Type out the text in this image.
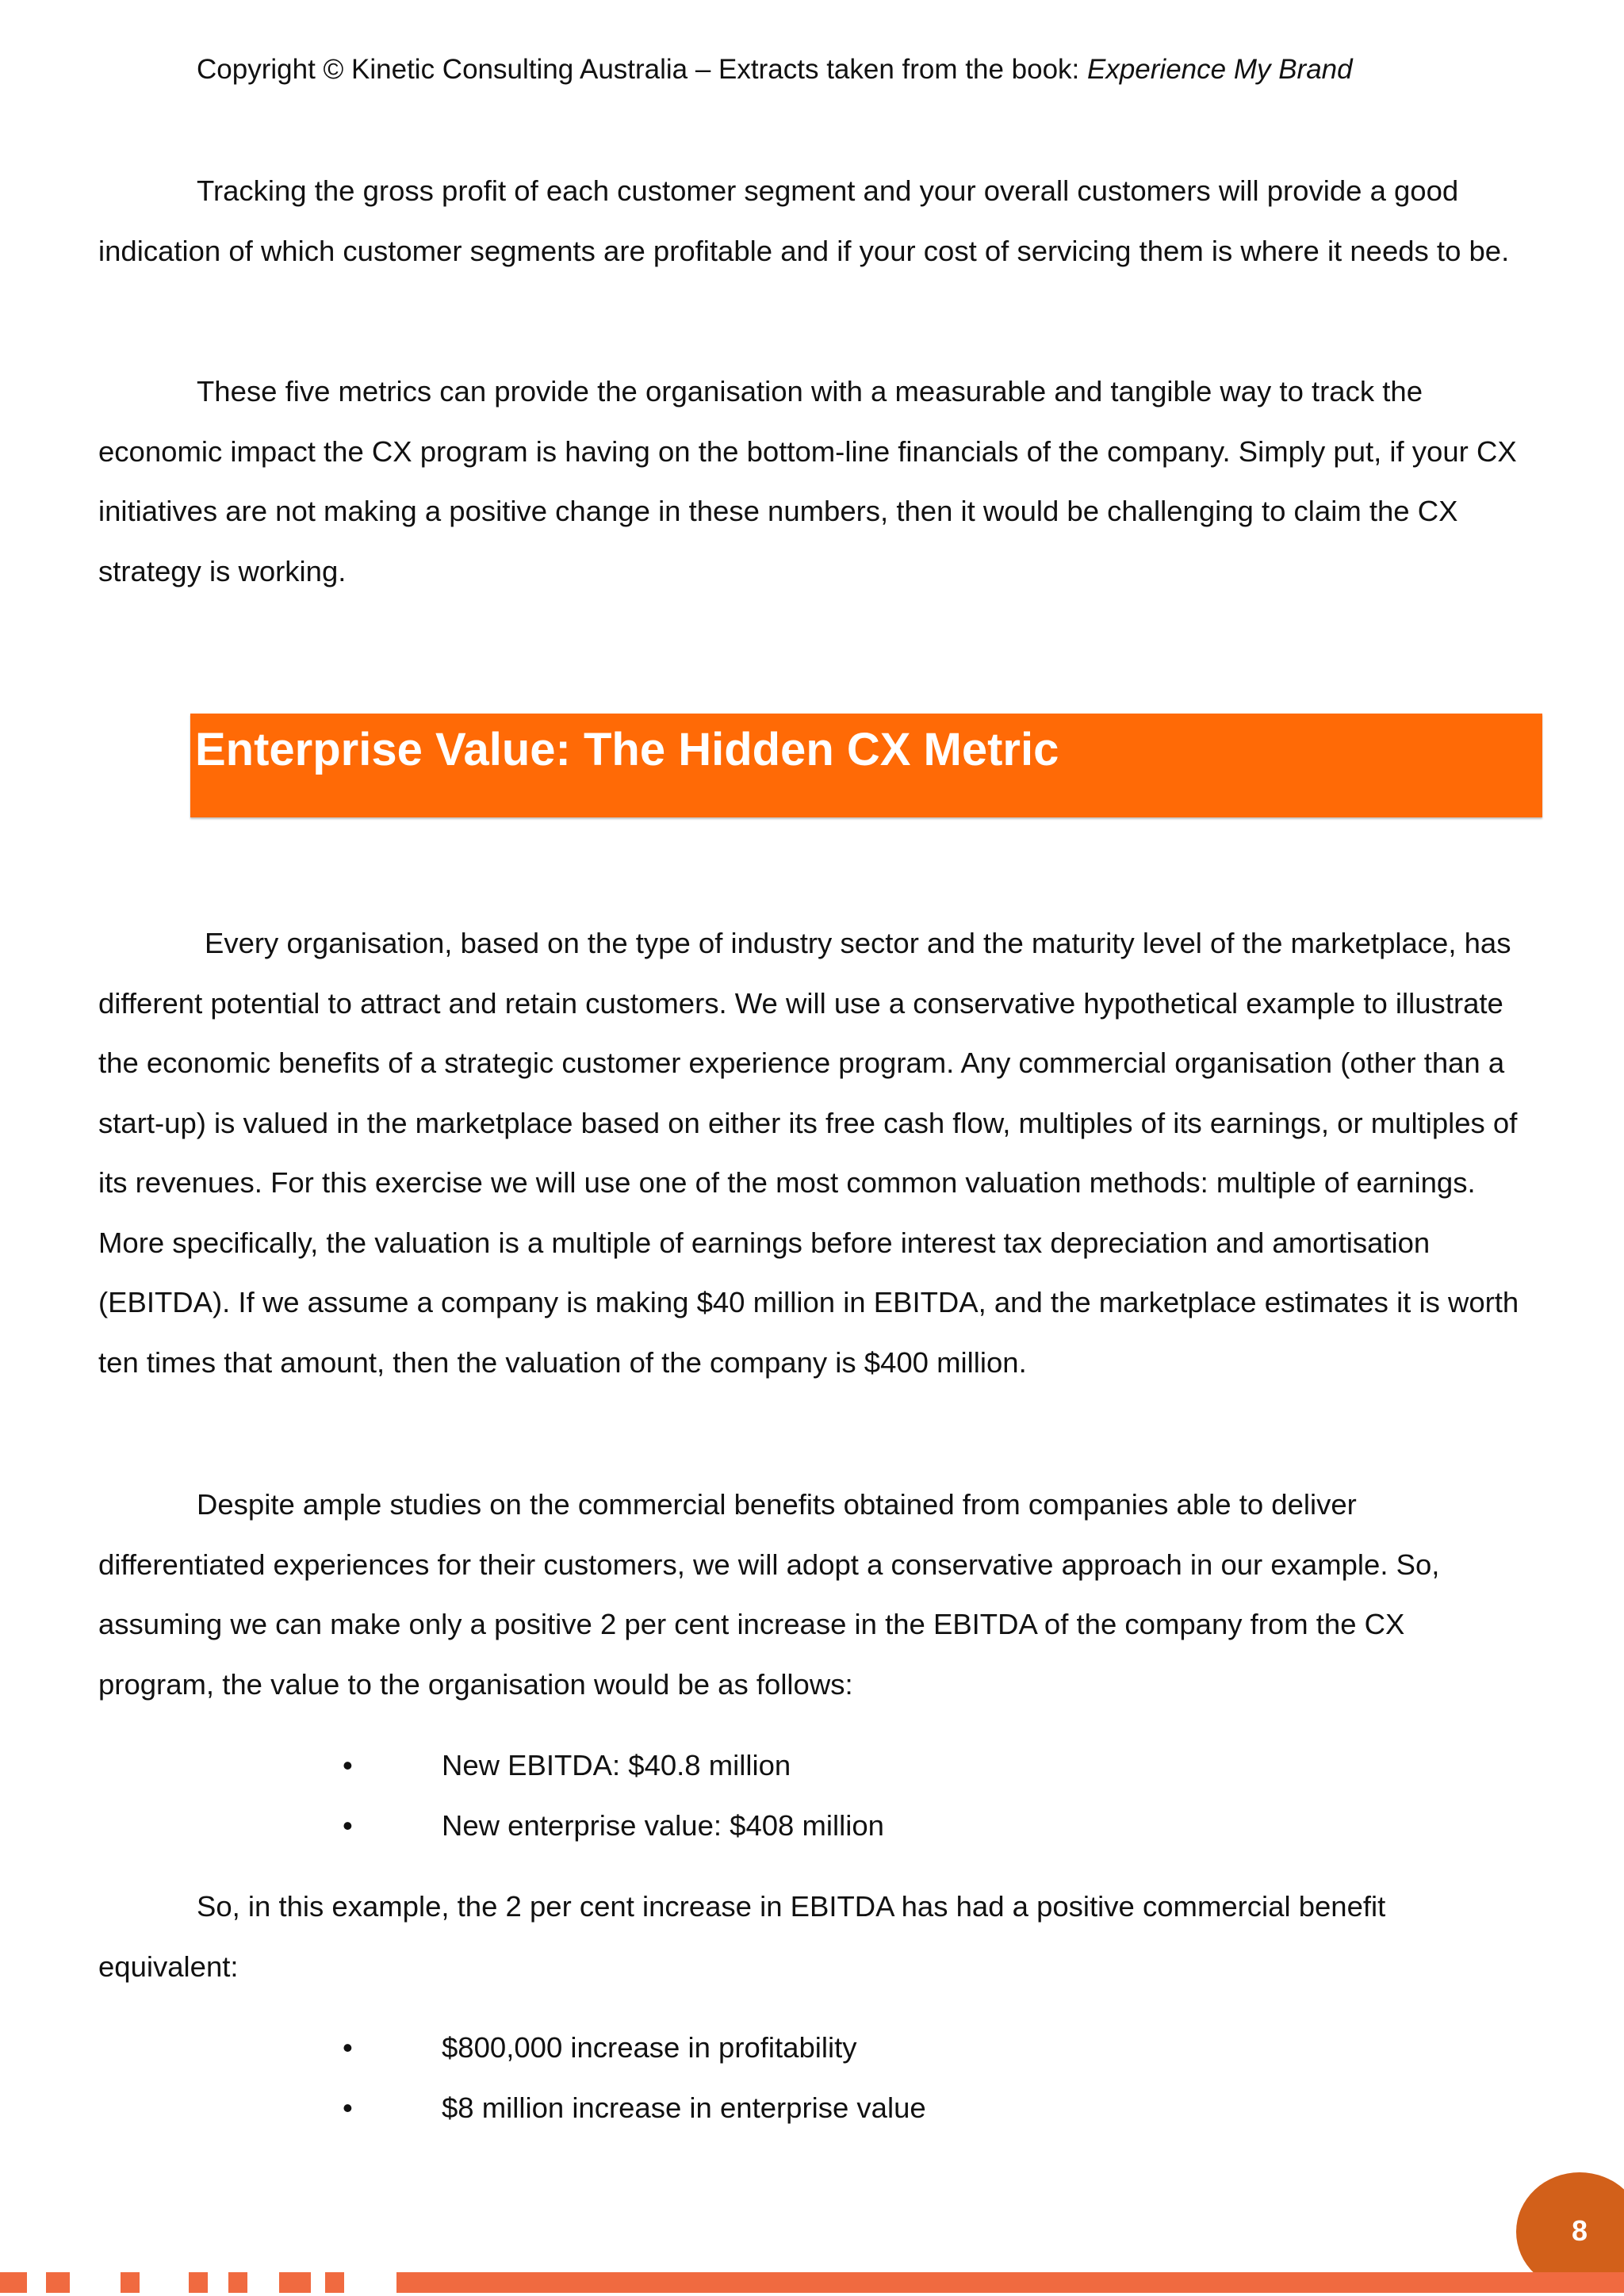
Copyright © Kinetic Consulting Australia – Extracts taken from the book: Experience My Brand

Tracking the gross profit of each customer segment and your overall customers will provide a good indication of which customer segments are profitable and if your cost of servicing them is where it needs to be.

These five metrics can provide the organisation with a measurable and tangible way to track the economic impact the CX program is having on the bottom-line financials of the company. Simply put, if your CX initiatives are not making a positive change in these numbers, then it would be challenging to claim the CX strategy is working.

Enterprise Value: The Hidden CX Metric

Every organisation, based on the type of industry sector and the maturity level of the marketplace, has different potential to attract and retain customers. We will use a conservative hypothetical example to illustrate the economic benefits of a strategic customer experience program. Any commercial organisation (other than a start-up) is valued in the marketplace based on either its free cash flow, multiples of its earnings, or multiples of its revenues. For this exercise we will use one of the most common valuation methods: multiple of earnings. More specifically, the valuation is a multiple of earnings before interest tax depreciation and amortisation (EBITDA). If we assume a company is making $40 million in EBITDA, and the marketplace estimates it is worth ten times that amount, then the valuation of the company is $400 million.

Despite ample studies on the commercial benefits obtained from companies able to deliver differentiated experiences for their customers, we will adopt a conservative approach in our example. So, assuming we can make only a positive 2 per cent increase in the EBITDA of the company from the CX program, the value to the organisation would be as follows:

•	New EBITDA: $40.8 million
•	New enterprise value: $408 million

So, in this example, the 2 per cent increase in EBITDA has had a positive commercial benefit equivalent:

•	$800,000 increase in profitability
•	$8 million increase in enterprise value
8
